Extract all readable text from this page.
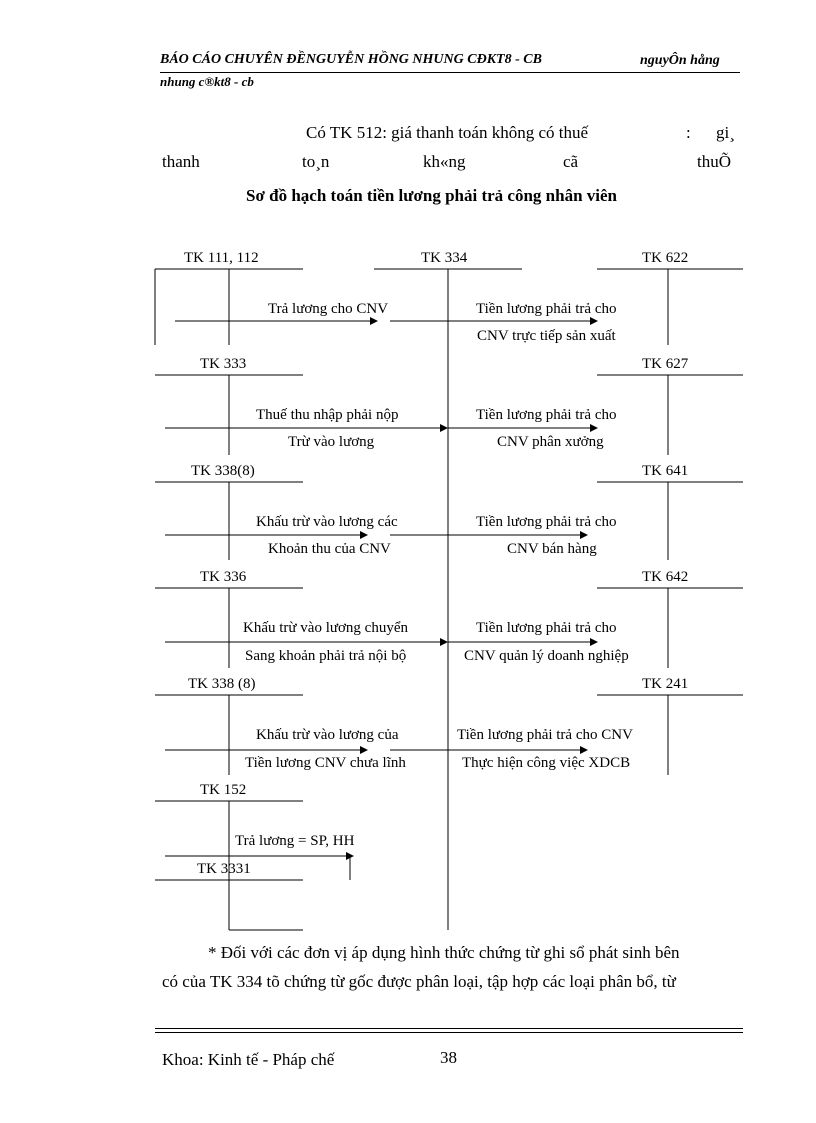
BÁO CÁO CHUYÊN ĐỀNGUYỄN HỒNG NHUNG CĐKT8 - CB	nguyÔn hång
nhung c®kt8 - cb
Có TK 512: giá thanh toán không có thuế	: gi¸
thanh	to¸n	kh«ng	cã	thuÕ
Sơ đồ hạch toán tiền lương phải trả công nhân viên
TK 111, 112	TK 334	TK 622
TK 333	TK 627
TK 338(8)	TK 641
TK 336	TK 642
TK 338 (8)	TK 241
TK 152
TK 3331
Trả lương cho CNV	Tiền lương phải trả cho
CNV trực tiếp sản xuất
Thuế thu nhập phải nộp
Trừ vào lương
Tiền lương phải trả cho
CNV phân xưởng
Khấu trừ vào lương các
Khoản thu của CNV
Tiền lương phải trả cho
CNV bán hàng
Khấu trừ vào lương chuyển
Sang khoản phải trả nội bộ
Tiền lương phải trả cho
CNV quản lý doanh nghiệp
Khấu trừ vào lương của
Tiền lương CNV chưa lĩnh
Tiền lương phải trả cho CNV
Thực hiện công việc XDCB
Trả lương = SP, HH
* Đối với các đơn vị áp dụng hình thức chứng từ ghi sổ phát sinh bên
có của TK 334 tõ chứng từ gốc được phân loại, tập hợp các loại phân bổ, từ
Khoa: Kinh tế - Pháp chế	38
